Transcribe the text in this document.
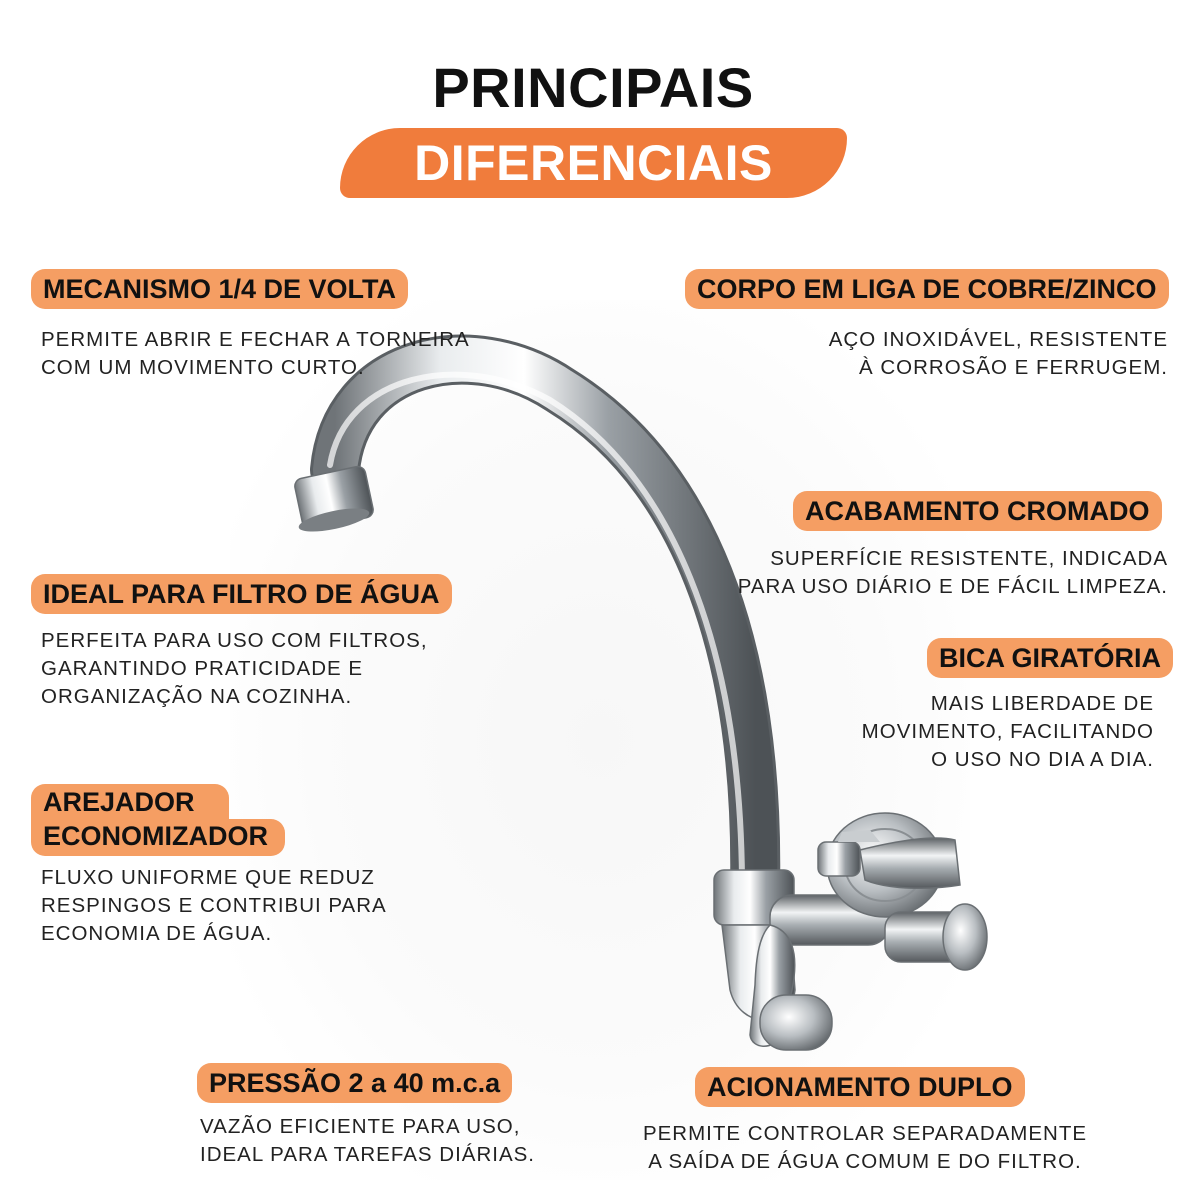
PRINCIPAIS
DIFERENCIAIS
MECANISMO 1/4 DE VOLTA
PERMITE ABRIR E FECHAR A TORNEIRA
COM UM MOVIMENTO CURTO.
IDEAL PARA FILTRO DE ÁGUA
PERFEITA PARA USO COM FILTROS,
GARANTINDO PRATICIDADE E
ORGANIZAÇÃO NA COZINHA.
AREJADOR
ECONOMIZADOR
FLUXO UNIFORME QUE REDUZ
RESPINGOS E CONTRIBUI PARA
ECONOMIA DE ÁGUA.
PRESSÃO 2 a 40 m.c.a
VAZÃO EFICIENTE PARA USO,
IDEAL PARA TAREFAS DIÁRIAS.
CORPO EM LIGA DE COBRE/ZINCO
AÇO INOXIDÁVEL, RESISTENTE
À CORROSÃO E FERRUGEM.
ACABAMENTO CROMADO
SUPERFÍCIE RESISTENTE, INDICADA
PARA USO DIÁRIO E DE FÁCIL LIMPEZA.
BICA GIRATÓRIA
MAIS LIBERDADE DE
MOVIMENTO, FACILITANDO
O USO NO DIA A DIA.
ACIONAMENTO DUPLO
PERMITE CONTROLAR SEPARADAMENTE
A SAÍDA DE ÁGUA COMUM E DO FILTRO.
